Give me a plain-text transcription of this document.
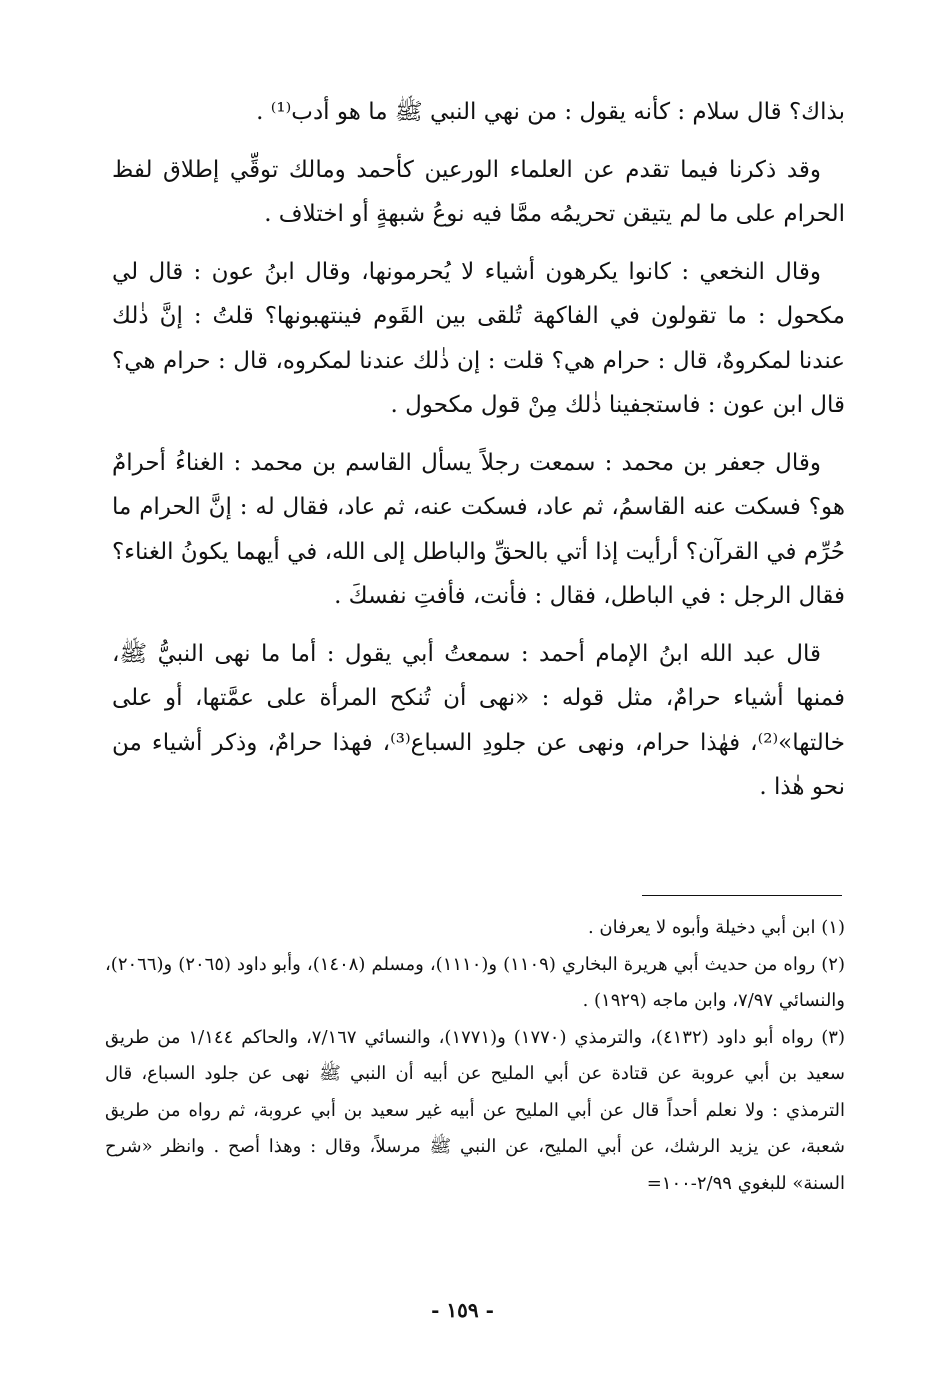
بذاك؟ قال سلام : كأنه يقول : من نهي النبي ﷺ ما هو أدب⁽¹⁾ .

وقد ذكرنا فيما تقدم عن العلماء الورعين كأحمد ومالك توقِّي إطلاق لفظ الحرام على ما لم يتيقن تحريمُه ممَّا فيه نوعُ شبهةٍ أو اختلاف .

وقال النخعي : كانوا يكرهون أشياء لا يُحرمونها، وقال ابنُ عون : قال لي مكحول : ما تقولون في الفاكهة تُلقى بين القَوم فينتهبونها؟ قلتُ : إنَّ ذٰلك عندنا لمكروهٌ، قال : حرام هي؟ قلت : إن ذٰلك عندنا لمكروه، قال : حرام هي؟ قال ابن عون : فاستجفينا ذٰلك مِنْ قول مكحول .

وقال جعفر بن محمد : سمعت رجلاً يسأل القاسم بن محمد : الغناءُ أحرامٌ هو؟ فسكت عنه القاسمُ، ثم عاد، فسكت عنه، ثم عاد، فقال له : إنَّ الحرام ما حُرِّم في القرآن؟ أرأيت إذا أتي بالحقِّ والباطل إلى الله، في أيهما يكونُ الغناء؟ فقال الرجل : في الباطل، فقال : فأنت، فأفتِ نفسكَ .

قال عبد الله ابنُ الإمام أحمد : سمعتُ أبي يقول : أما ما نهى النبيُّ ﷺ، فمنها أشياء حرامٌ، مثل قوله : «نهى أن تُنكح المرأة على عمَّتها، أو على خالتها»⁽²⁾، فهٰذا حرام، ونهى عن جلودِ السباع⁽³⁾، فهذا حرامٌ، وذكر أشياء من نحو هٰذا .

(١) ابن أبي دخيلة وأبوه لا يعرفان .

(٢) رواه من حديث أبي هريرة البخاري (١١٠٩) و(١١١٠)، ومسلم (١٤٠٨)، وأبو داود (٢٠٦٥) و(٢٠٦٦)، والنسائي ٧/٩٧، وابن ماجه (١٩٢٩) .

(٣) رواه أبو داود (٤١٣٢)، والترمذي (١٧٧٠) و(١٧٧١)، والنسائي ٧/١٦٧، والحاكم ١/١٤٤ من طريق سعيد بن أبي عروبة عن قتادة عن أبي المليح عن أبيه أن النبي ﷺ نهى عن جلود السباع، قال الترمذي : ولا نعلم أحداً قال عن أبي المليح عن أبيه غير سعيد بن أبي عروبة، ثم رواه من طريق شعبة، عن يزيد الرشك، عن أبي المليح، عن النبي ﷺ مرسلاً، وقال : وهذا أصح . وانظر «شرح السنة» للبغوي ٢/٩٩-١٠٠=

- ١٥٩ -
